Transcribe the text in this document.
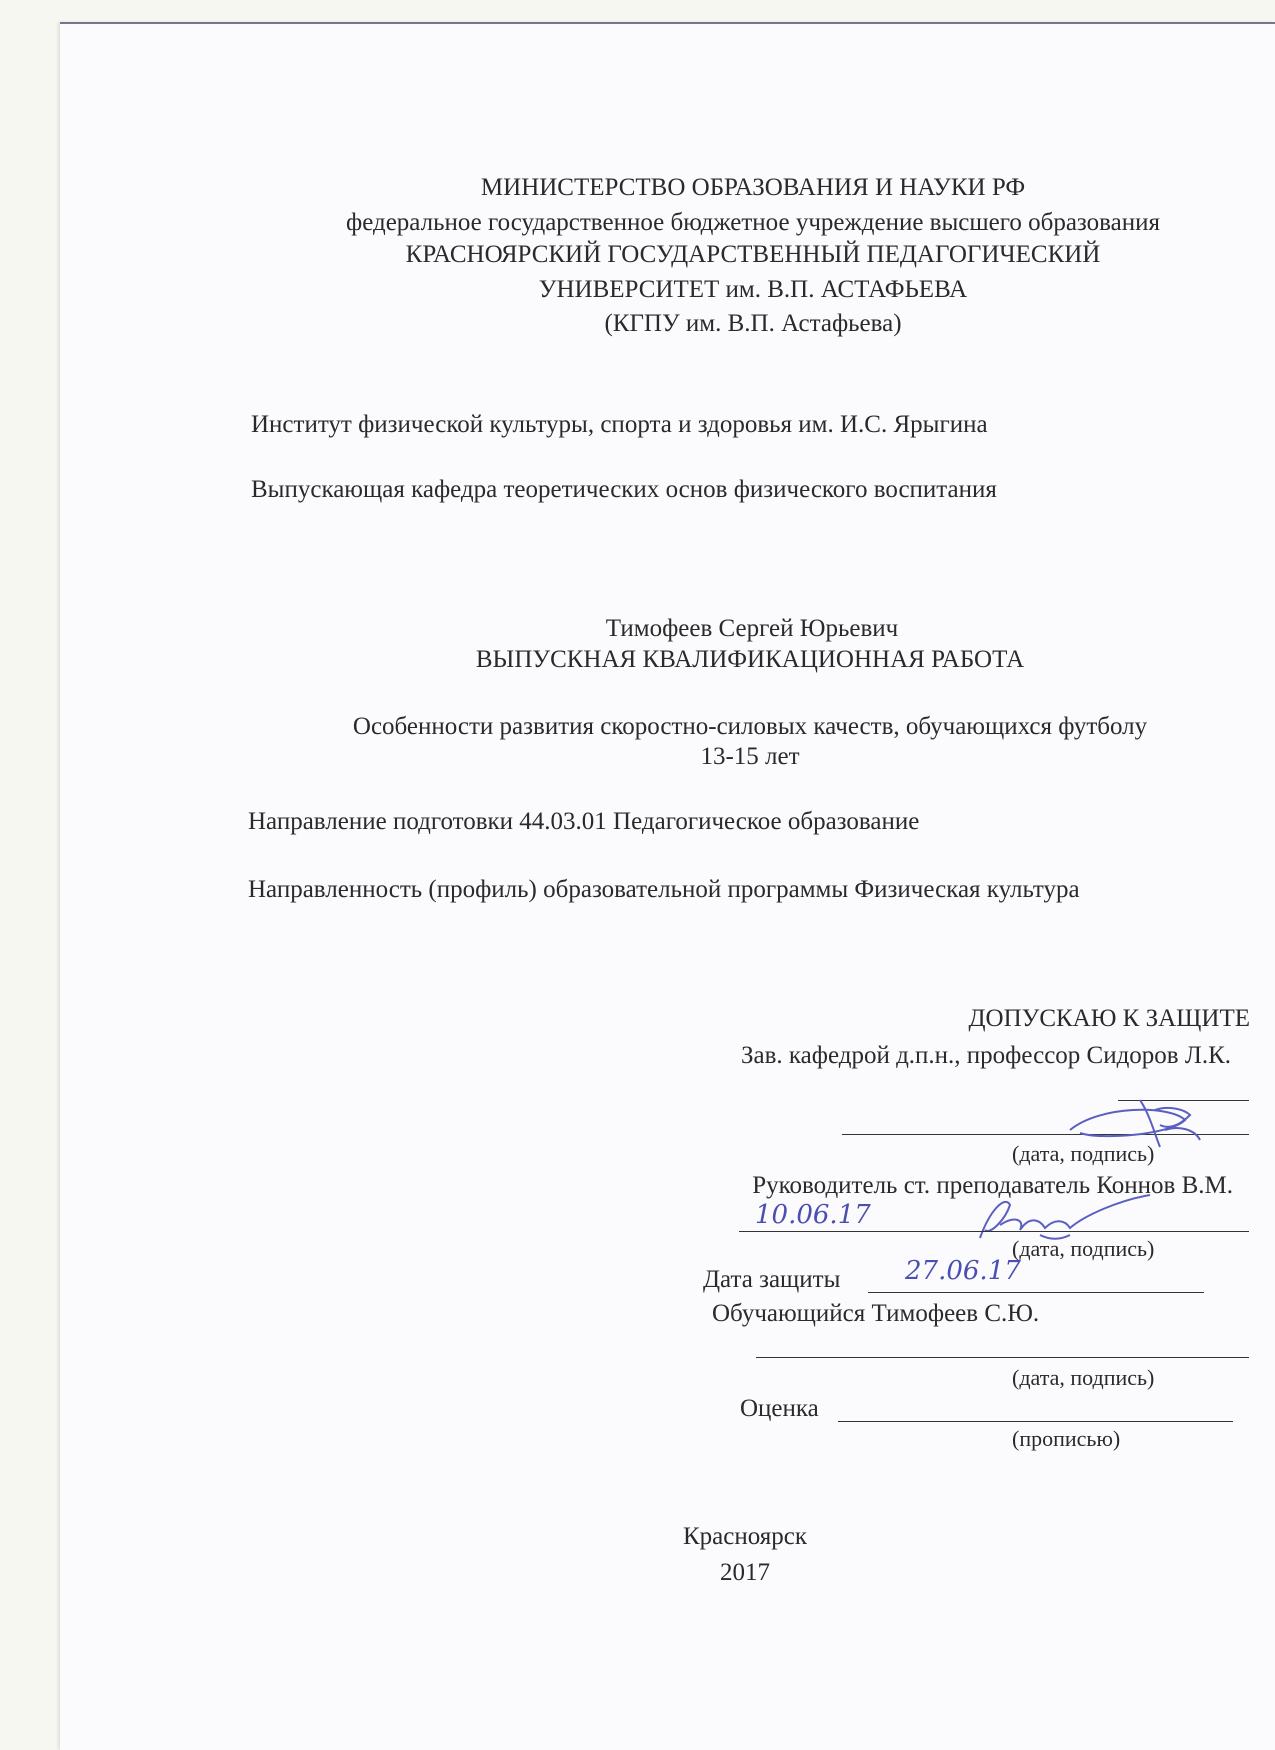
МИНИСТЕРСТВО ОБРАЗОВАНИЯ И НАУКИ РФ
федеральное государственное бюджетное учреждение высшего образования
КРАСНОЯРСКИЙ ГОСУДАРСТВЕННЫЙ ПЕДАГОГИЧЕСКИЙ
УНИВЕРСИТЕТ им. В.П. АСТАФЬЕВА
(КГПУ им. В.П. Астафьева)
Институт физической культуры, спорта и здоровья им. И.С. Ярыгина
Выпускающая кафедра теоретических основ физического воспитания
Тимофеев Сергей Юрьевич
ВЫПУСКНАЯ КВАЛИФИКАЦИОННАЯ РАБОТА
Особенности развития скоростно-силовых качеств, обучающихся футболу
13-15 лет
Направление подготовки 44.03.01 Педагогическое образование
Направленность (профиль) образовательной программы Физическая культура
ДОПУСКАЮ К ЗАЩИТЕ
Зав. кафедрой д.п.н., профессор Сидоров Л.К.
(дата, подпись)
Руководитель ст. преподаватель Коннов В.М.
10.06.17
(дата, подпись)
Дата защиты 27.06.17
Обучающийся Тимофеев С.Ю.
(дата, подпись)
Оценка
(прописью)
Красноярск
2017
